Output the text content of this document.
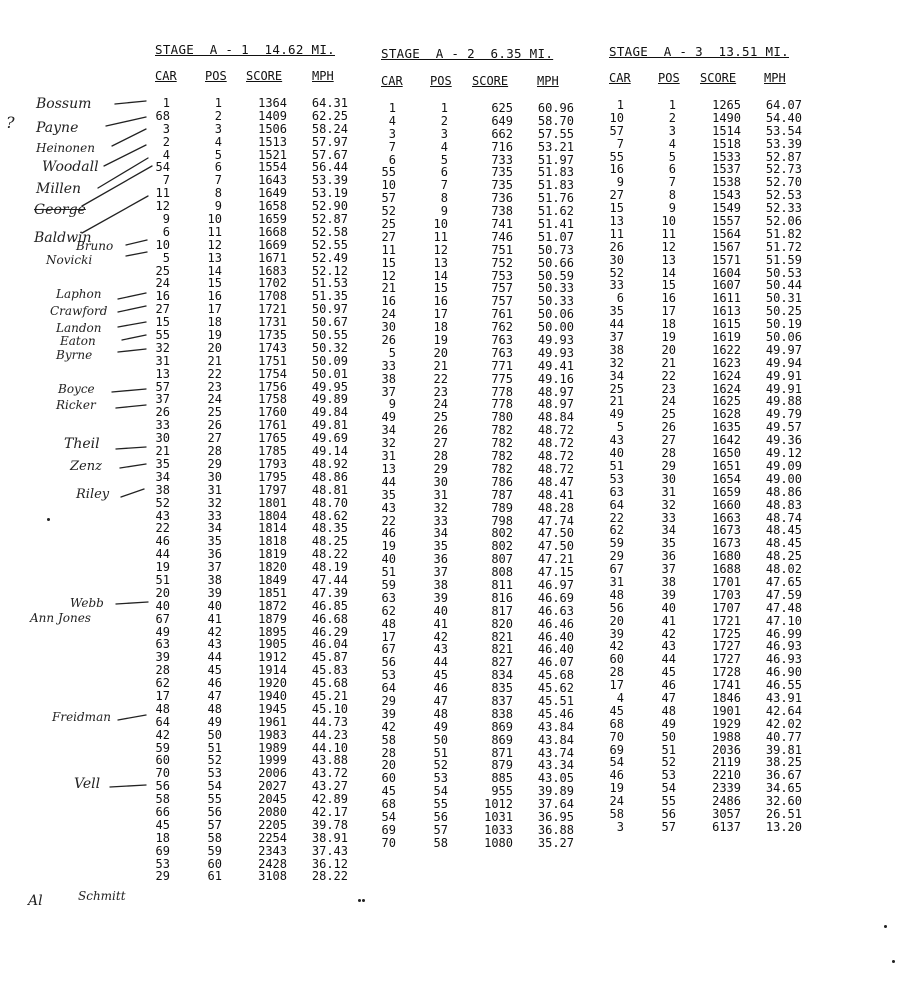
STAGE  A - 1  14.62 MI.
CAR POS SCORE MPH
1	1	1364 64.31
68	2	1409 62.25
3	3	1506 58.24
2	4	1513 57.97
4	5	1521 57.67
54	6	1554 56.44
7	7	1643 53.39
11	8	1649 53.19
12	9	1658 52.90
9	10	1659 52.87
6	11	1668 52.58
10	12	1669 52.55
5	13	1671 52.49
25	14	1683 52.12
24	15	1702 51.53
16	16	1708 51.35
27	17	1721 50.97
15	18	1731 50.67
55	19	1735 50.55
32	20	1743 50.32
31	21	1751 50.09
13	22	1754 50.01
57	23	1756 49.95
37	24	1758 49.89
26	25	1760 49.84
33	26	1761 49.81
30	27	1765 49.69
21	28	1785 49.14
35	29	1793 48.92
34	30	1795 48.86
38	31	1797 48.81
52	32	1801 48.70
43	33	1804 48.62
22	34	1814 48.35
46	35	1818 48.25
44	36	1819 48.22
19	37	1820 48.19
51	38	1849 47.44
20	39	1851 47.39
40	40	1872 46.85
67	41	1879 46.68
49	42	1895 46.29
63	43	1905 46.04
39	44	1912 45.87
28	45	1914 45.83
62	46	1920 45.68
17	47	1940 45.21
48	48	1945 45.10
64	49	1961 44.73
42	50	1983 44.23
59	51	1989 44.10
60	52	1999 43.88
70	53	2006 43.72
56	54	2027 43.27
58	55	2045 42.89
66	56	2080 42.17
45	57	2205 39.78
18	58	2254 38.91
69	59	2343 37.43
53	60	2428 36.12
29	61	3108 28.22
STAGE  A - 2  6.35 MI.
CAR POS SCORE MPH
1	1	625 60.96
4	2	649 58.70
3	3	662 57.55
7	4	716 53.21
6	5	733 51.97
55	6	735 51.83
10	7	735 51.83
57	8	736 51.76
52	9	738 51.62
25	10	741 51.41
27	11	746 51.07
11	12	751 50.73
15	13	752 50.66
12	14	753 50.59
21	15	757 50.33
16	16	757 50.33
24	17	761 50.06
30	18	762 50.00
26	19	763 49.93
5	20	763 49.93
33	21	771 49.41
38	22	775 49.16
37	23	778 48.97
9	24	778 48.97
49	25	780 48.84
34	26	782 48.72
32	27	782 48.72
31	28	782 48.72
13	29	782 48.72
44	30	786 48.47
35	31	787 48.41
43	32	789 48.28
22	33	798 47.74
46	34	802 47.50
19	35	802 47.50
40	36	807 47.21
51	37	808 47.15
59	38	811 46.97
63	39	816 46.69
62	40	817 46.63
48	41	820 46.46
17	42	821 46.40
67	43	821 46.40
56	44	827 46.07
53	45	834 45.68
64	46	835 45.62
29	47	837 45.51
39	48	838 45.46
42	49	869 43.84
58	50	869 43.84
28	51	871 43.74
20	52	879 43.34
60	53	885 43.05
45	54	955 39.89
68	55	1012 37.64
54	56	1031 36.95
69	57	1033 36.88
70	58	1080 35.27
STAGE  A - 3  13.51 MI.
CAR POS SCORE MPH
1	1	1265 64.07
10	2	1490 54.40
57	3	1514 53.54
7	4	1518 53.39
55	5	1533 52.87
16	6	1537 52.73
9	7	1538 52.70
27	8	1543 52.53
15	9	1549 52.33
13	10	1557 52.06
11	11	1564 51.82
26	12	1567 51.72
30	13	1571 51.59
52	14	1604 50.53
33	15	1607 50.44
6	16	1611 50.31
35	17	1613 50.25
44	18	1615 50.19
37	19	1619 50.06
38	20	1622 49.97
32	21	1623 49.94
34	22	1624 49.91
25	23	1624 49.91
21	24	1625 49.88
49	25	1628 49.79
5	26	1635 49.57
43	27	1642 49.36
40	28	1650 49.12
51	29	1651 49.09
53	30	1654 49.00
63	31	1659 48.86
64	32	1660 48.83
22	33	1663 48.74
62	34	1673 48.45
59	35	1673 48.45
29	36	1680 48.25
67	37	1688 48.02
31	38	1701 47.65
48	39	1703 47.59
56	40	1707 47.48
20	41	1721 47.10
39	42	1725 46.99
42	43	1727 46.93
60	44	1727 46.93
28	45	1728 46.90
17	46	1741 46.55
4	47	1846 43.91
45	48	1901 42.64
68	49	1929 42.02
70	50	1988 40.77
69	51	2036 39.81
54	52	2119 38.25
46	53	2210 36.67
19	54	2339 34.65
24	55	2486 32.60
58	56	3057 26.51
3	57	6137 13.20
?
Bossum
Payne
Heinonen
Woodall
Millen
George
Baldwin
Bruno
Novicki
Laphon
Crawford
Landon
Eaton
Byrne
Boyce
Ricker
Theil
Zenz
Riley
Webb
Ann Jones
Freidman
Vell
Al	Schmitt
